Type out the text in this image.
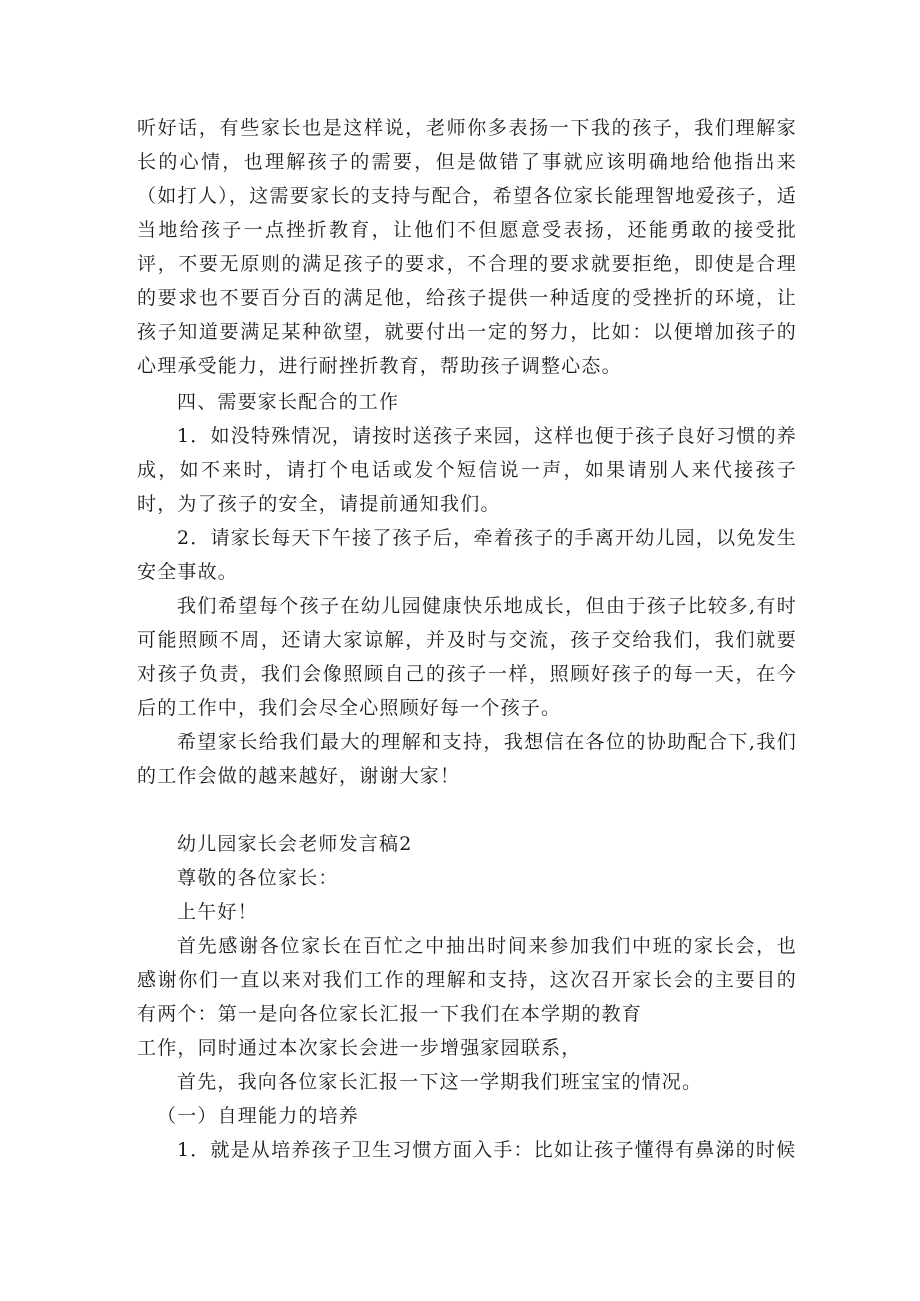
听好话，有些家长也是这样说，老师你多表扬一下我的孩子，我们理解家长的心情，也理解孩子的需要，但是做错了事就应该明确地给他指出来（如打人），这需要家长的支持与配合，希望各位家长能理智地爱孩子，适当地给孩子一点挫折教育，让他们不但愿意受表扬，还能勇敢的接受批评，不要无原则的满足孩子的要求，不合理的要求就要拒绝，即使是合理的要求也不要百分百的满足他，给孩子提供一种适度的受挫折的环境，让孩子知道要满足某种欲望，就要付出一定的努力，比如：以便增加孩子的心理承受能力，进行耐挫折教育，帮助孩子调整心态。

四、需要家长配合的工作

1．如没特殊情况，请按时送孩子来园，这样也便于孩子良好习惯的养成，如不来时，请打个电话或发个短信说一声，如果请别人来代接孩子时，为了孩子的安全，请提前通知我们。

2．请家长每天下午接了孩子后，牵着孩子的手离开幼儿园，以免发生安全事故。

我们希望每个孩子在幼儿园健康快乐地成长，但由于孩子比较多,有时可能照顾不周，还请大家谅解，并及时与交流，孩子交给我们，我们就要对孩子负责，我们会像照顾自己的孩子一样，照顾好孩子的每一天，在今后的工作中，我们会尽全心照顾好每一个孩子。

希望家长给我们最大的理解和支持，我想信在各位的协助配合下,我们的工作会做的越来越好，谢谢大家！

幼儿园家长会老师发言稿2

尊敬的各位家长：

上午好！

首先感谢各位家长在百忙之中抽出时间来参加我们中班的家长会，也感谢你们一直以来对我们工作的理解和支持，这次召开家长会的主要目的有两个：第一是向各位家长汇报一下我们在本学期的教育

工作，同时通过本次家长会进一步增强家园联系，

首先，我向各位家长汇报一下这一学期我们班宝宝的情况。

（一）自理能力的培养

1．就是从培养孩子卫生习惯方面入手：比如让孩子懂得有鼻涕的时候
